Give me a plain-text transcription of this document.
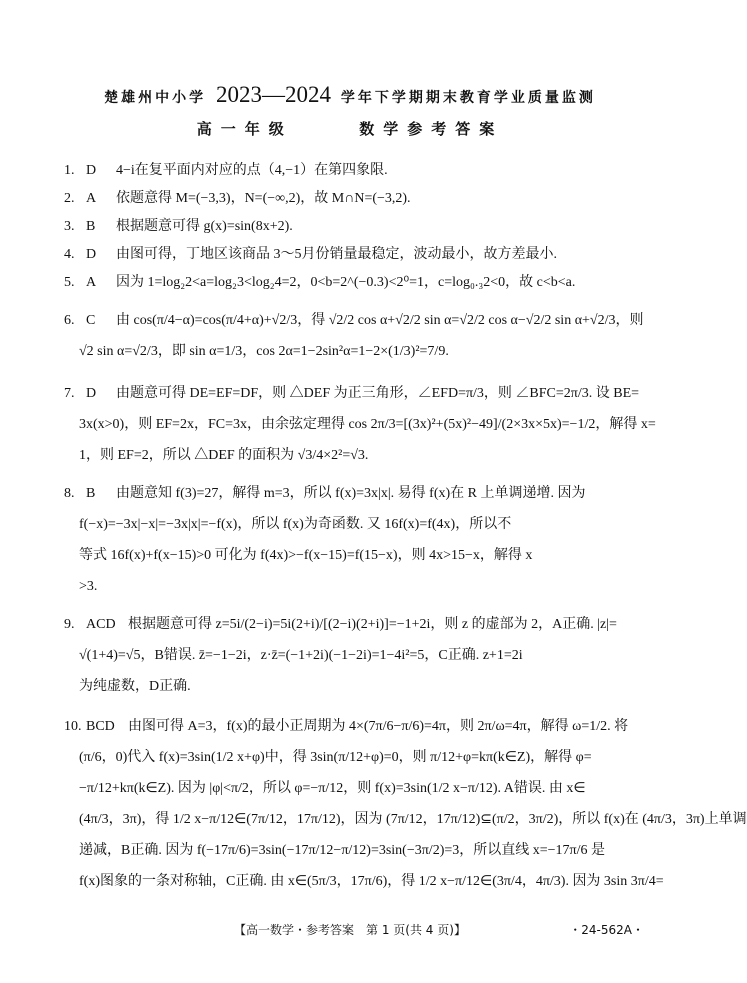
楚雄州中小学 2023—2024 学年下学期期末教育学业质量监测
高一年级	数学参考答案
1. D 4−i在复平面内对应的点（4,−1）在第四象限.
2. A 依题意得 M=(−3,3)，N=(−∞,2)，故 M∩N=(−3,2).
3. B 根据题意可得 g(x)=sin(8x+2).
4. D 由图可得，丁地区该商品 3～5月份销量最稳定，波动最小，故方差最小.
5. A 因为 1=log₂2<a=log₂3<log₂4=2，0<b=2^(−0.3)<2⁰=1，c=log₀.₃2<0，故 c<b<a.
6. C 由 cos(π/4−α)=cos(π/4+α)+√2/3，得 √2/2 cos α+√2/2 sin α=√2/2 cos α−√2/2 sin α+√2/3，则
√2 sin α=√2/3，即 sin α=1/3，cos 2α=1−2sin²α=1−2×(1/3)²=7/9.
7. D 由题意可得 DE=EF=DF，则 △DEF 为正三角形，∠EFD=π/3，则 ∠BFC=2π/3. 设 BE=
3x(x>0)，则 EF=2x，FC=3x，由余弦定理得 cos 2π/3=[(3x)²+(5x)²−49]/(2×3x×5x)=−1/2，解得 x=
1，则 EF=2，所以 △DEF 的面积为 √3/4×2²=√3.
8. B 由题意知 f(3)=27，解得 m=3，所以 f(x)=3x|x|. 易得 f(x)在 R 上单调递增. 因为
f(−x)=−3x|−x|=−3x|x|=−f(x)，所以 f(x)为奇函数. 又 16f(x)=f(4x)，所以不
等式 16f(x)+f(x−15)>0 可化为 f(4x)>−f(x−15)=f(15−x)，则 4x>15−x，解得 x
>3.
9. ACD 根据题意可得 z=5i/(2−i)=5i(2+i)/[(2−i)(2+i)]=−1+2i，则 z 的虚部为 2，A正确. |z|=
√(1+4)=√5，B错误. z̄=−1−2i，z·z̄=(−1+2i)(−1−2i)=1−4i²=5，C正确. z+1=2i
为纯虚数，D正确.
10. BCD 由图可得 A=3，f(x)的最小正周期为 4×(7π/6−π/6)=4π，则 2π/ω=4π，解得 ω=1/2. 将
(π/6，0)代入 f(x)=3sin(1/2 x+φ)中，得 3sin(π/12+φ)=0，则 π/12+φ=kπ(k∈Z)，解得 φ=
−π/12+kπ(k∈Z). 因为 |φ|<π/2，所以 φ=−π/12，则 f(x)=3sin(1/2 x−π/12). A错误. 由 x∈
(4π/3，3π)，得 1/2 x−π/12∈(7π/12，17π/12)，因为 (7π/12，17π/12)⊆(π/2，3π/2)，所以 f(x)在 (4π/3，3π)上单调
递减，B正确. 因为 f(−17π/6)=3sin(−17π/12−π/12)=3sin(−3π/2)=3，所以直线 x=−17π/6 是
f(x)图象的一条对称轴，C正确. 由 x∈(5π/3，17π/6)，得 1/2 x−π/12∈(3π/4，4π/3). 因为 3sin 3π/4=
【高一数学・参考答案　第 1 页(共 4 页)】	・24-562A・
